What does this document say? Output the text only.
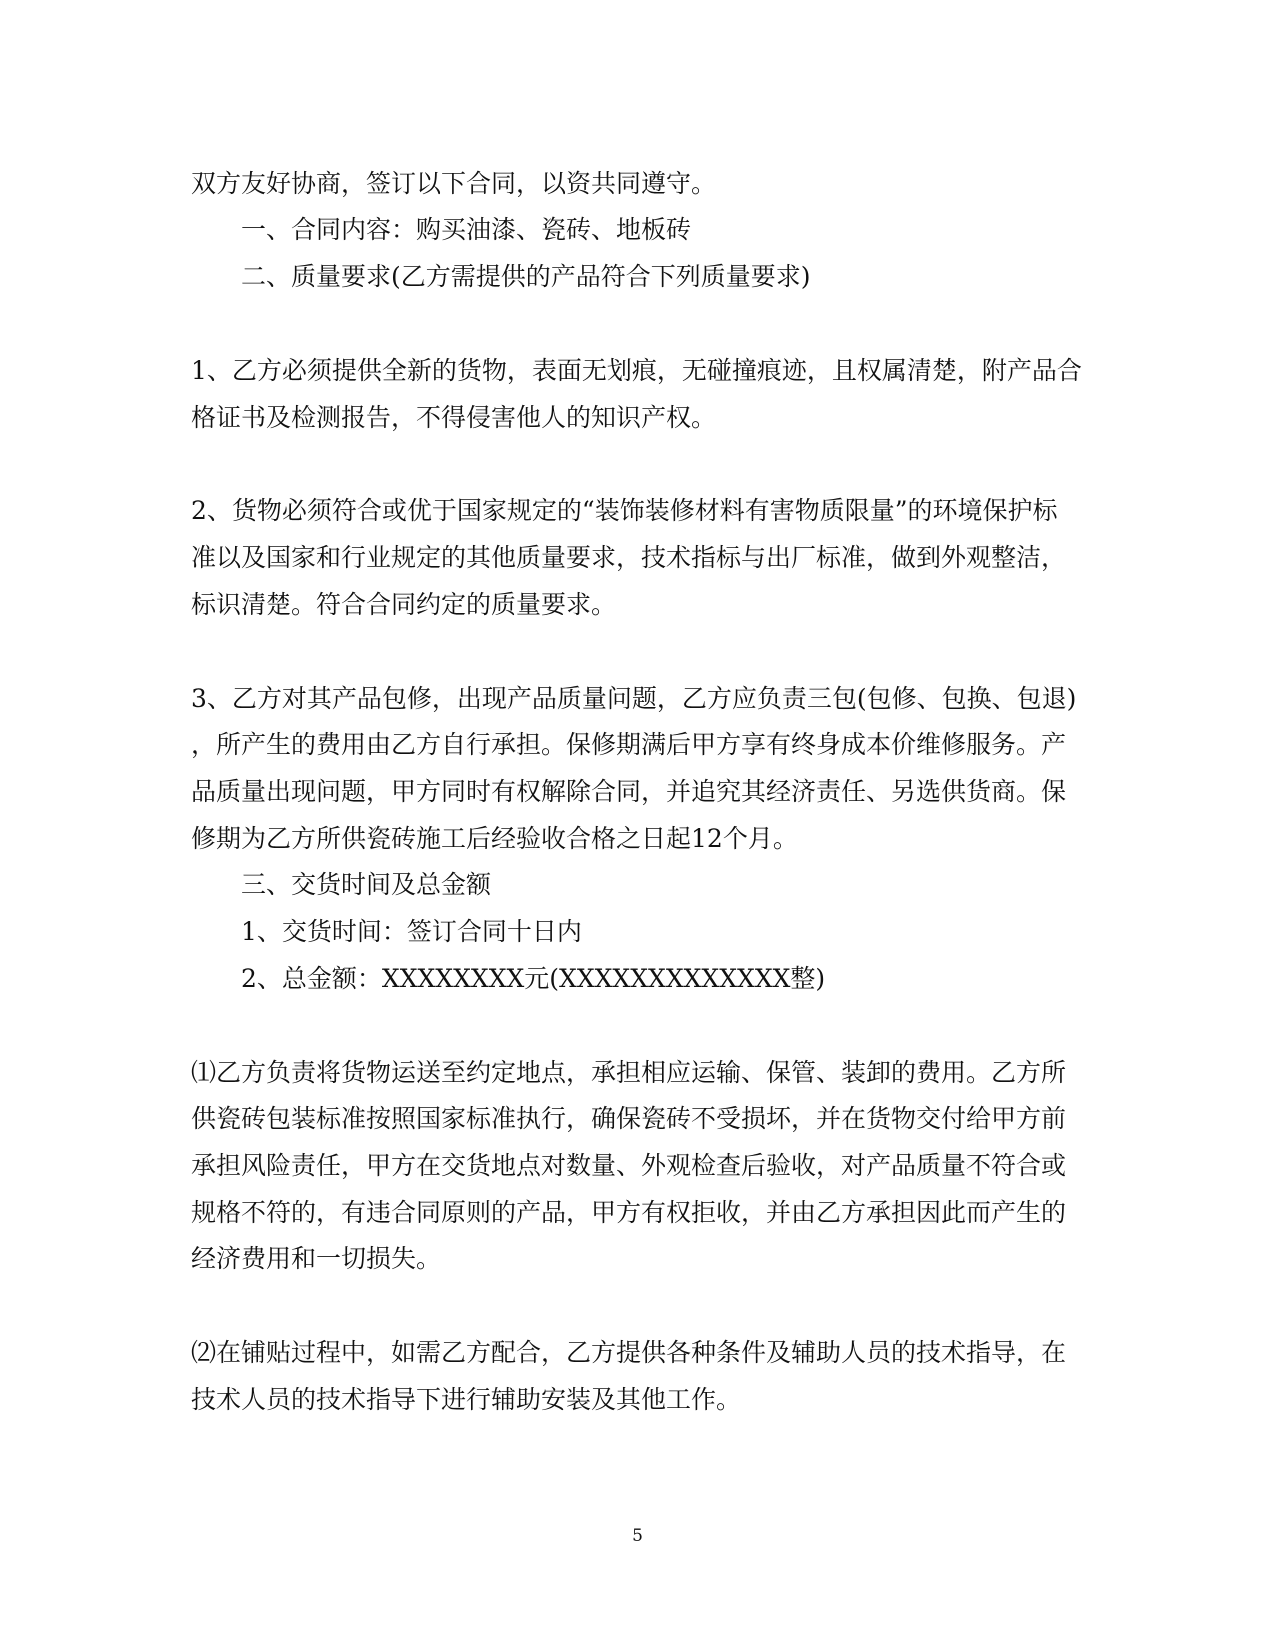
双方友好协商，签订以下合同，以资共同遵守。
一、合同内容：购买油漆、瓷砖、地板砖
二、质量要求(乙方需提供的产品符合下列质量要求)
1、乙方必须提供全新的货物，表面无划痕，无碰撞痕迹，且权属清楚，附产品合
格证书及检测报告，不得侵害他人的知识产权。
2、货物必须符合或优于国家规定的“装饰装修材料有害物质限量”的环境保护标
准以及国家和行业规定的其他质量要求，技术指标与出厂标准，做到外观整洁，
标识清楚。符合合同约定的质量要求。
3、乙方对其产品包修，出现产品质量问题，乙方应负责三包(包修、包换、包退)
，所产生的费用由乙方自行承担。保修期满后甲方享有终身成本价维修服务。产
品质量出现问题，甲方同时有权解除合同，并追究其经济责任、另选供货商。保
修期为乙方所供瓷砖施工后经验收合格之日起12个月。
三、交货时间及总金额
1、交货时间：签订合同十日内
2、总金额：XXXXXXXX元(XXXXXXXXXXXXX整)
⑴乙方负责将货物运送至约定地点，承担相应运输、保管、装卸的费用。乙方所
供瓷砖包装标准按照国家标准执行，确保瓷砖不受损坏，并在货物交付给甲方前
承担风险责任，甲方在交货地点对数量、外观检查后验收，对产品质量不符合或
规格不符的，有违合同原则的产品，甲方有权拒收，并由乙方承担因此而产生的
经济费用和一切损失。
⑵在铺贴过程中，如需乙方配合，乙方提供各种条件及辅助人员的技术指导，在
技术人员的技术指导下进行辅助安装及其他工作。
5
